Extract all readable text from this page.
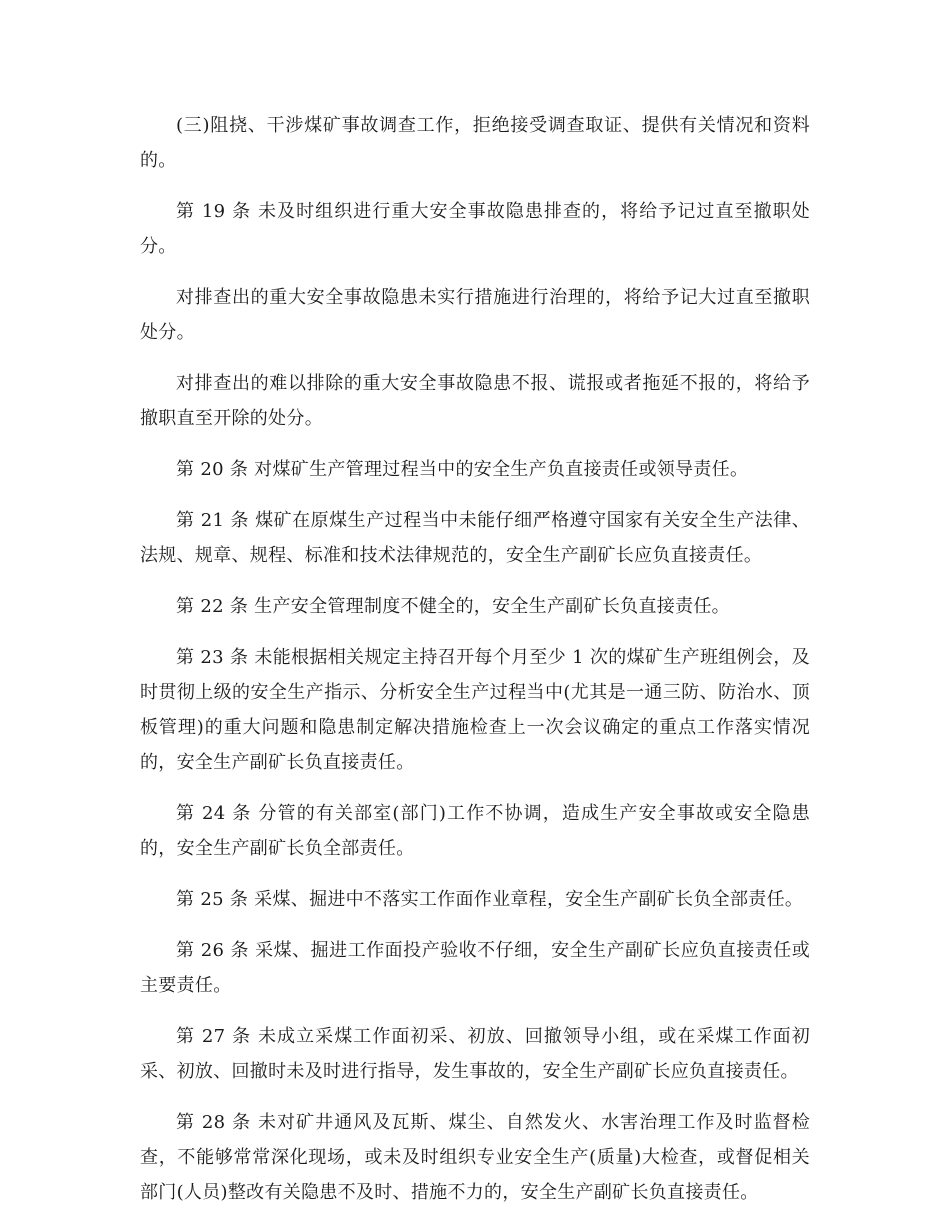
(三)阻挠、干涉煤矿事故调查工作，拒绝接受调查取证、提供有关情况和资料的。

第 19 条 未及时组织进行重大安全事故隐患排查的，将给予记过直至撤职处分。

对排查出的重大安全事故隐患未实行措施进行治理的，将给予记大过直至撤职处分。

对排查出的难以排除的重大安全事故隐患不报、谎报或者拖延不报的，将给予撤职直至开除的处分。

第 20 条 对煤矿生产管理过程当中的安全生产负直接责任或领导责任。

第 21 条 煤矿在原煤生产过程当中未能仔细严格遵守国家有关安全生产法律、法规、规章、规程、标准和技术法律规范的，安全生产副矿长应负直接责任。

第 22 条 生产安全管理制度不健全的，安全生产副矿长负直接责任。

第 23 条 未能根据相关规定主持召开每个月至少 1 次的煤矿生产班组例会，及时贯彻上级的安全生产指示、分析安全生产过程当中(尤其是一通三防、防治水、顶板管理)的重大问题和隐患制定解决措施检查上一次会议确定的重点工作落实情况的，安全生产副矿长负直接责任。

第 24 条 分管的有关部室(部门)工作不协调，造成生产安全事故或安全隐患的，安全生产副矿长负全部责任。

第 25 条 采煤、掘进中不落实工作面作业章程，安全生产副矿长负全部责任。

第 26 条 采煤、掘进工作面投产验收不仔细，安全生产副矿长应负直接责任或主要责任。

第 27 条 未成立采煤工作面初采、初放、回撤领导小组，或在采煤工作面初采、初放、回撤时未及时进行指导，发生事故的，安全生产副矿长应负直接责任。

第 28 条 未对矿井通风及瓦斯、煤尘、自然发火、水害治理工作及时监督检查，不能够常常深化现场，或未及时组织专业安全生产(质量)大检查，或督促相关部门(人员)整改有关隐患不及时、措施不力的，安全生产副矿长负直接责任。
